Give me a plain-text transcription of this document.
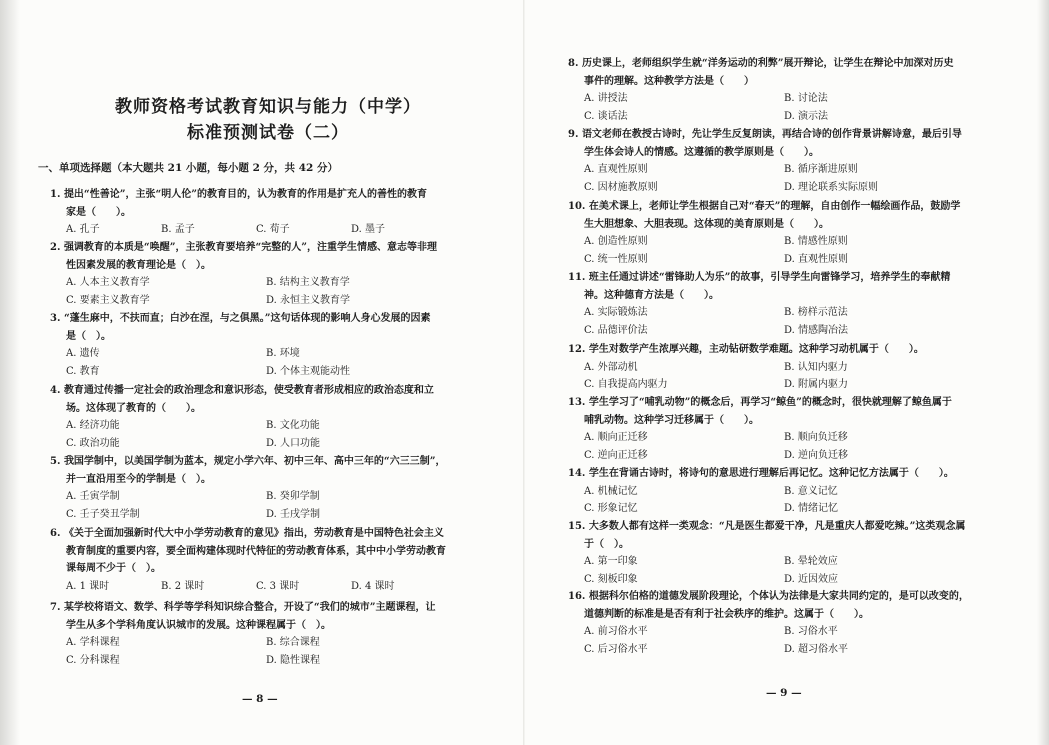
教师资格考试教育知识与能力（中学）
标准预测试卷（二）
一、单项选择题（本大题共 21 小题，每小题 2 分，共 42 分）
1. 提出“性善论”，主张“明人伦”的教育目的，认为教育的作用是扩充人的善性的教育
家是（　　）。
A. 孔子	B. 孟子	C. 荀子	D. 墨子
2. 强调教育的本质是“唤醒”，主张教育要培养“完整的人”，注重学生情感、意志等非理
性因素发展的教育理论是（　）。
A. 人本主义教育学	B. 结构主义教育学
C. 要素主义教育学	D. 永恒主义教育学
3. “蓬生麻中，不扶而直；白沙在涅，与之俱黑。”这句话体现的影响人身心发展的因素
是（　）。
A. 遗传	B. 环境
C. 教育	D. 个体主观能动性
4. 教育通过传播一定社会的政治理念和意识形态，使受教育者形成相应的政治态度和立
场。这体现了教育的（　　）。
A. 经济功能	B. 文化功能
C. 政治功能	D. 人口功能
5. 我国学制中，以美国学制为蓝本，规定小学六年、初中三年、高中三年的“六三三制”，
并一直沿用至今的学制是（　）。
A. 壬寅学制	B. 癸卯学制
C. 壬子癸丑学制	D. 壬戌学制
6. 《关于全面加强新时代大中小学劳动教育的意见》指出，劳动教育是中国特色社会主义
教育制度的重要内容，要全面构建体现时代特征的劳动教育体系，其中中小学劳动教育
课每周不少于（　）。
A. 1 课时	B. 2 课时	C. 3 课时	D. 4 课时
7. 某学校将语文、数学、科学等学科知识综合整合，开设了“我们的城市”主题课程，让
学生从多个学科角度认识城市的发展。这种课程属于（　）。
A. 学科课程	B. 综合课程
C. 分科课程	D. 隐性课程
— 8 —
8. 历史课上，老师组织学生就“洋务运动的利弊”展开辩论，让学生在辩论中加深对历史
事件的理解。这种教学方法是（　　）
A. 讲授法	B. 讨论法
C. 谈话法	D. 演示法
9. 语文老师在教授古诗时，先让学生反复朗读，再结合诗的创作背景讲解诗意，最后引导
学生体会诗人的情感。这遵循的教学原则是（　　）。
A. 直观性原则	B. 循序渐进原则
C. 因材施教原则	D. 理论联系实际原则
10. 在美术课上，老师让学生根据自己对“春天”的理解，自由创作一幅绘画作品，鼓励学
生大胆想象、大胆表现。这体现的美育原则是（　　）。
A. 创造性原则	B. 情感性原则
C. 统一性原则	D. 直观性原则
11. 班主任通过讲述“雷锋助人为乐”的故事，引导学生向雷锋学习，培养学生的奉献精
神。这种德育方法是（　　）。
A. 实际锻炼法	B. 榜样示范法
C. 品德评价法	D. 情感陶冶法
12. 学生对数学产生浓厚兴趣，主动钻研数学难题。这种学习动机属于（　　）。
A. 外部动机	B. 认知内驱力
C. 自我提高内驱力	D. 附属内驱力
13. 学生学习了“哺乳动物”的概念后，再学习“鲸鱼”的概念时，很快就理解了鲸鱼属于
哺乳动物。这种学习迁移属于（　　）。
A. 顺向正迁移	B. 顺向负迁移
C. 逆向正迁移	D. 逆向负迁移
14. 学生在背诵古诗时，将诗句的意思进行理解后再记忆。这种记忆方法属于（　　）。
A. 机械记忆	B. 意义记忆
C. 形象记忆	D. 情绪记忆
15. 大多数人都有这样一类观念：“凡是医生都爱干净，凡是重庆人都爱吃辣。”这类观念属
于（　）。
A. 第一印象	B. 晕轮效应
C. 刻板印象	D. 近因效应
16. 根据科尔伯格的道德发展阶段理论，个体认为法律是大家共同约定的，是可以改变的，
道德判断的标准是是否有利于社会秩序的维护。这属于（　　）。
A. 前习俗水平	B. 习俗水平
C. 后习俗水平	D. 超习俗水平
— 9 —
